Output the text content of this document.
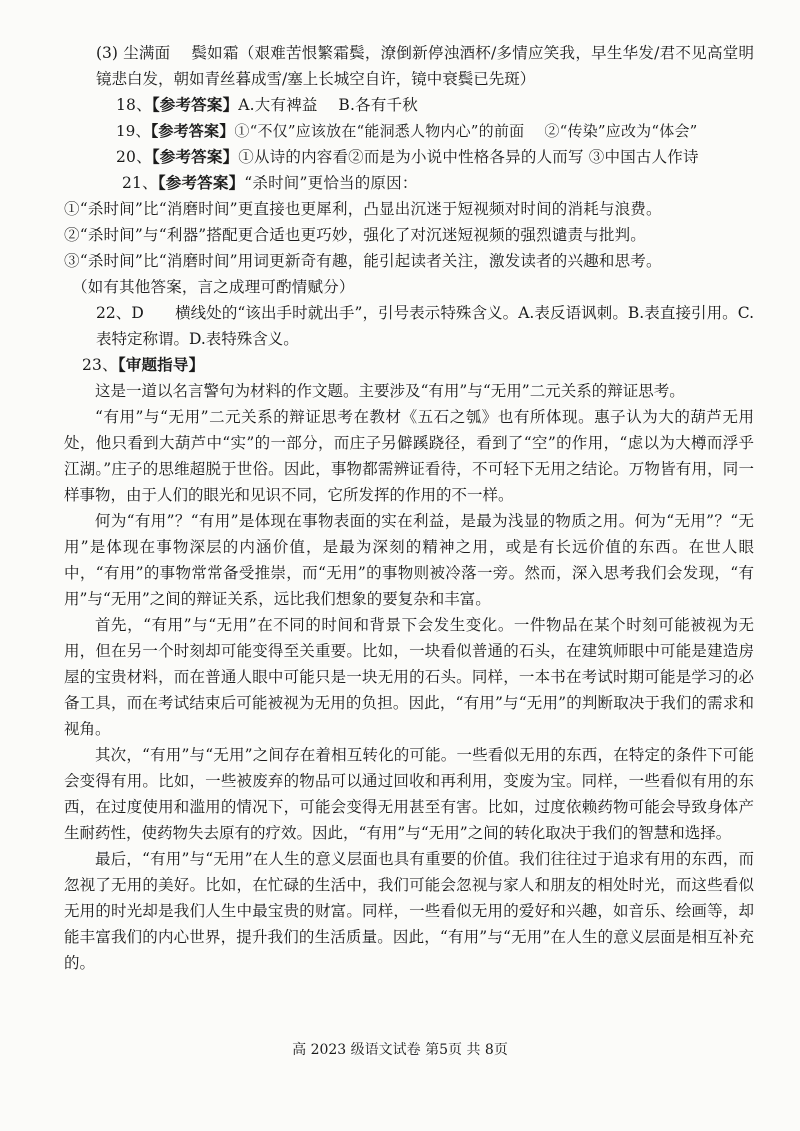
(3) 尘满面　 鬓如霜（艰难苦恨繁霜鬓，潦倒新停浊酒杯/多情应笑我，早生华发/君不见高堂明镜悲白发，朝如青丝暮成雪/塞上长城空自许，镜中衰鬓已先斑）
18、【参考答案】A.大有裨益　 B.各有千秋
19、【参考答案】①“不仅”应该放在“能洞悉人物内心”的前面　 ②“传染”应改为“体会”
20、【参考答案】①从诗的内容看②而是为小说中性格各异的人而写 ③中国古人作诗
21、【参考答案】“杀时间”更恰当的原因：
①“杀时间”比“消磨时间”更直接也更犀利，凸显出沉迷于短视频对时间的消耗与浪费。
②“杀时间”与“利器”搭配更合适也更巧妙，强化了对沉迷短视频的强烈谴责与批判。
③“杀时间”比“消磨时间”用词更新奇有趣，能引起读者关注，激发读者的兴趣和思考。
（如有其他答案，言之成理可酌情赋分）
22、D　　 横线处的“该出手时就出手”，引号表示特殊含义。A.表反语讽刺。B.表直接引用。C.表特定称谓。D.表特殊含义。
23、【审题指导】

这是一道以名言警句为材料的作文题。主要涉及“有用”与“无用”二元关系的辩证思考。

“有用”与“无用”二元关系的辩证思考在教材《五石之瓠》也有所体现。惠子认为大的葫芦无用处，他只看到大葫芦中“实”的一部分，而庄子另僻蹊跷径，看到了“空”的作用，“虑以为大樽而浮乎江湖。”庄子的思维超脱于世俗。因此，事物都需辨证看待，不可轻下无用之结论。万物皆有用，同一样事物，由于人们的眼光和见识不同，它所发挥的作用的不一样。

何为“有用”？“有用”是体现在事物表面的实在利益，是最为浅显的物质之用。何为“无用”？“无用”是体现在事物深层的内涵价值，是最为深刻的精神之用，或是有长远价值的东西。在世人眼中，“有用”的事物常常备受推崇，而“无用”的事物则被冷落一旁。然而，深入思考我们会发现，“有用”与“无用”之间的辩证关系，远比我们想象的要复杂和丰富。

首先，“有用”与“无用”在不同的时间和背景下会发生变化。一件物品在某个时刻可能被视为无用，但在另一个时刻却可能变得至关重要。比如，一块看似普通的石头，在建筑师眼中可能是建造房屋的宝贵材料，而在普通人眼中可能只是一块无用的石头。同样，一本书在考试时期可能是学习的必备工具，而在考试结束后可能被视为无用的负担。因此，“有用”与“无用”的判断取决于我们的需求和视角。

其次，“有用”与“无用”之间存在着相互转化的可能。一些看似无用的东西，在特定的条件下可能会变得有用。比如，一些被废弃的物品可以通过回收和再利用，变废为宝。同样，一些看似有用的东西，在过度使用和滥用的情况下，可能会变得无用甚至有害。比如，过度依赖药物可能会导致身体产生耐药性，使药物失去原有的疗效。因此，“有用”与“无用”之间的转化取决于我们的智慧和选择。

最后，“有用”与“无用”在人生的意义层面也具有重要的价值。我们往往过于追求有用的东西，而忽视了无用的美好。比如，在忙碌的生活中，我们可能会忽视与家人和朋友的相处时光，而这些看似无用的时光却是我们人生中最宝贵的财富。同样，一些看似无用的爱好和兴趣，如音乐、绘画等，却能丰富我们的内心世界，提升我们的生活质量。因此，“有用”与“无用”在人生的意义层面是相互补充的。

高 2023 级语文试卷 第5页 共 8页
